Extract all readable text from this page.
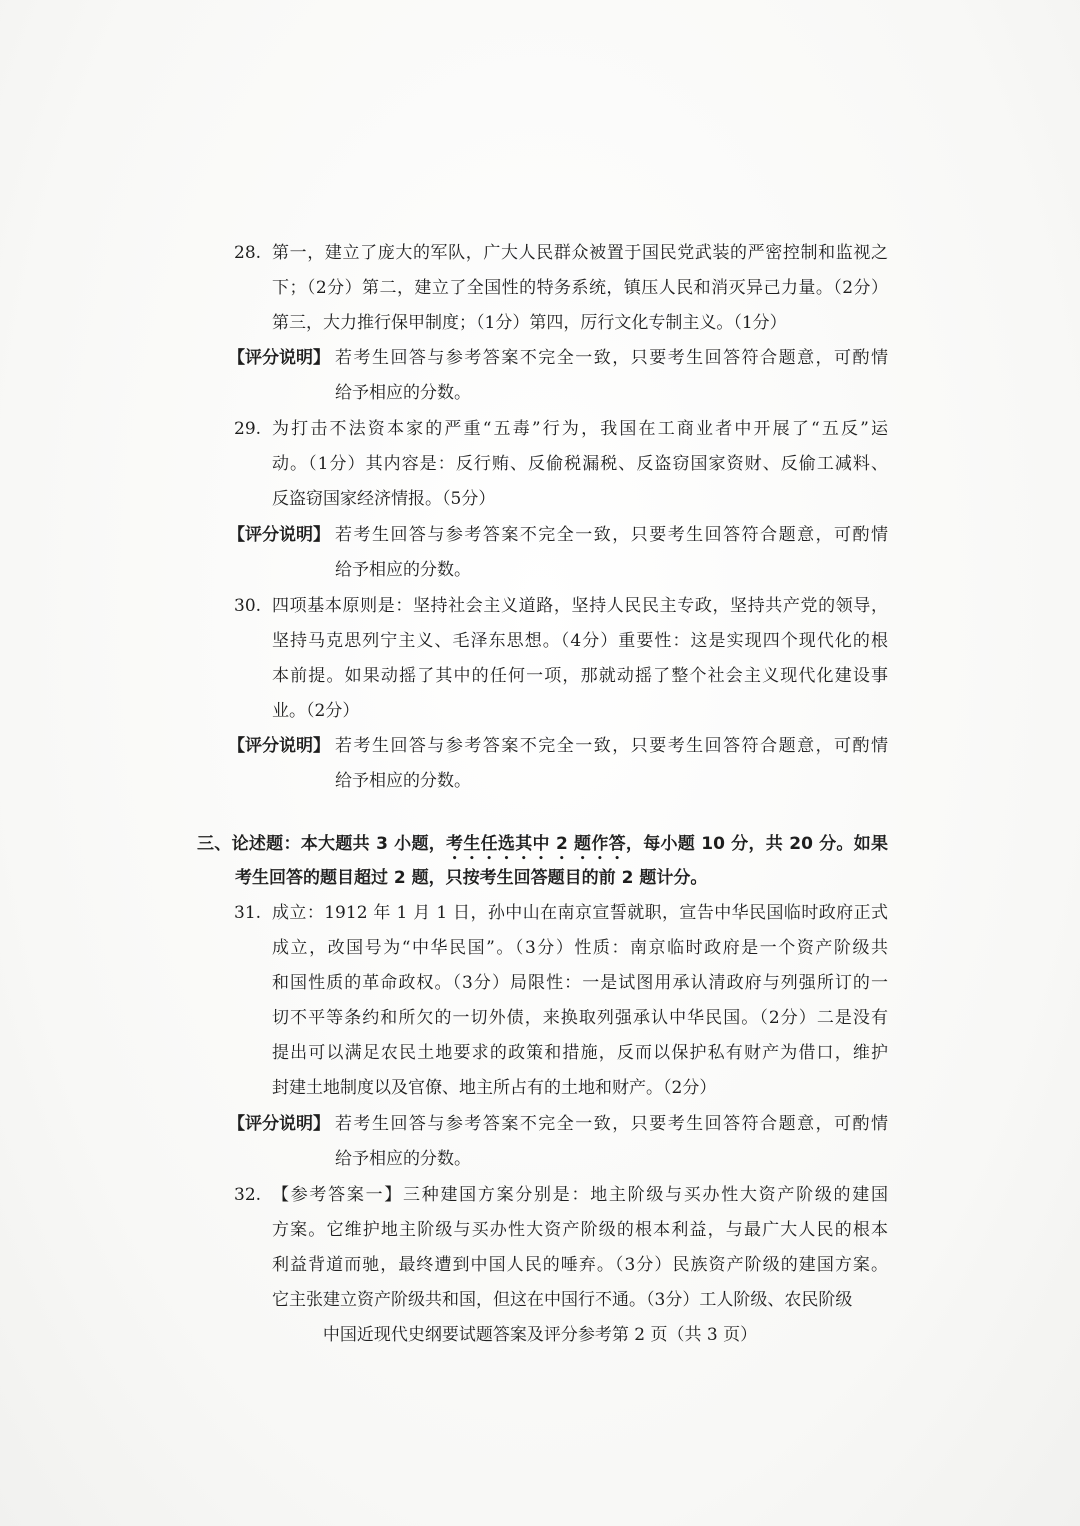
中国近现代史纲要试题答案及评分参考第 2 页（共 3 页）
28. 第一，建立了庞大的军队，广大人民群众被置于国民党武装的严密控制和监视之
下；（2分）第二，建立了全国性的特务系统，镇压人民和消灭异己力量。（2分）
第三，大力推行保甲制度；（1分）第四，厉行文化专制主义。（1分）
【评分说明】 若考生回答与参考答案不完全一致，只要考生回答符合题意，可酌情
给予相应的分数。
29. 为打击不法资本家的严重“五毒”行为，我国在工商业者中开展了“五反”运
动。（1分）其内容是：反行贿、反偷税漏税、反盗窃国家资财、反偷工减料、
反盗窃国家经济情报。（5分）
【评分说明】 若考生回答与参考答案不完全一致，只要考生回答符合题意，可酌情
给予相应的分数。
30. 四项基本原则是：坚持社会主义道路，坚持人民民主专政，坚持共产党的领导，
坚持马克思列宁主义、毛泽东思想。（4分）重要性：这是实现四个现代化的根
本前提。如果动摇了其中的任何一项，那就动摇了整个社会主义现代化建设事
业。（2分）
【评分说明】 若考生回答与参考答案不完全一致，只要考生回答符合题意，可酌情
给予相应的分数。
三、论述题：本大题共 3 小题，考生任选其中 2 题作答，每小题 10 分，共 20 分。如果
考生回答的题目超过 2 题，只按考生回答题目的前 2 题计分。
31. 成立：1912 年 1 月 1 日，孙中山在南京宣誓就职，宣告中华民国临时政府正式
成立，改国号为“中华民国”。（3分）性质：南京临时政府是一个资产阶级共
和国性质的革命政权。（3分）局限性：一是试图用承认清政府与列强所订的一
切不平等条约和所欠的一切外债，来换取列强承认中华民国。（2分）二是没有
提出可以满足农民土地要求的政策和措施，反而以保护私有财产为借口，维护
封建土地制度以及官僚、地主所占有的土地和财产。（2分）
【评分说明】 若考生回答与参考答案不完全一致，只要考生回答符合题意，可酌情
给予相应的分数。
32. 【参考答案一】三种建国方案分别是：地主阶级与买办性大资产阶级的建国
方案。它维护地主阶级与买办性大资产阶级的根本利益，与最广大人民的根本
利益背道而驰，最终遭到中国人民的唾弃。（3分）民族资产阶级的建国方案。
它主张建立资产阶级共和国，但这在中国行不通。（3分）工人阶级、农民阶级
